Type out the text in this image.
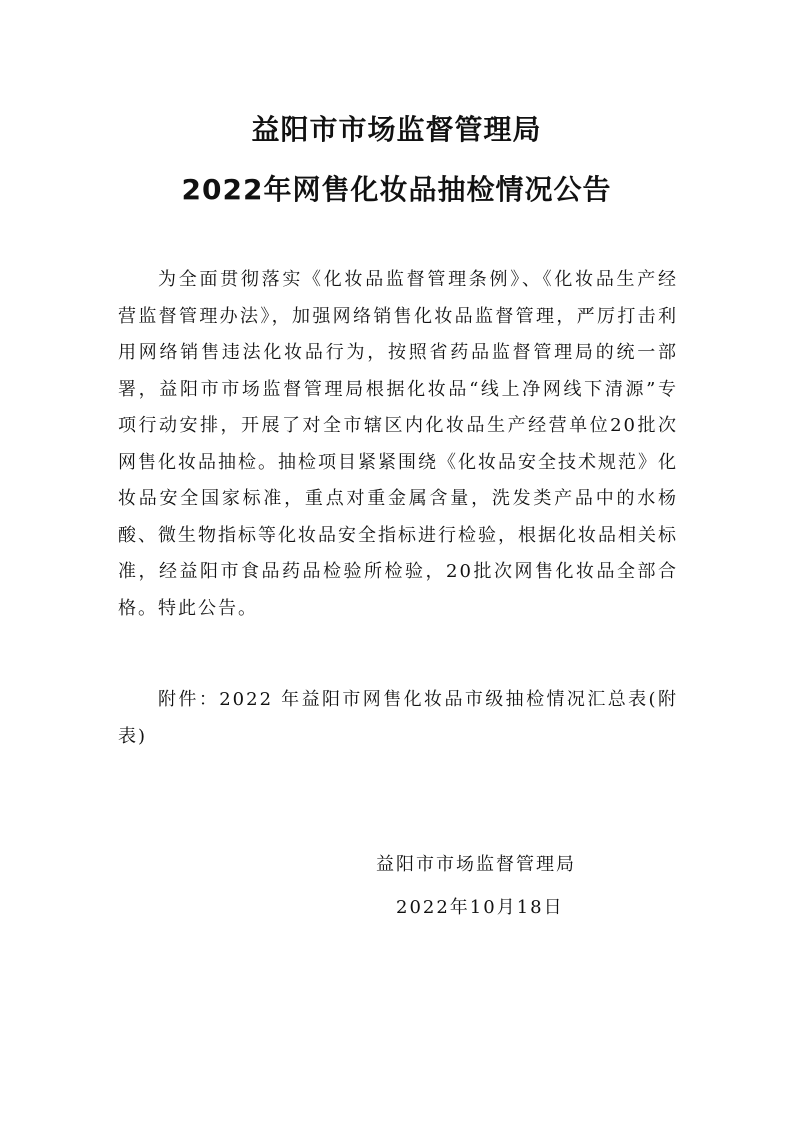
益阳市市场监督管理局
2022年网售化妆品抽检情况公告

为全面贯彻落实《化妆品监督管理条例》、《化妆品生产经营监督管理办法》，加强网络销售化妆品监督管理，严厉打击利用网络销售违法化妆品行为，按照省药品监督管理局的统一部署，益阳市市场监督管理局根据化妆品“线上净网线下清源”专项行动安排，开展了对全市辖区内化妆品生产经营单位20批次网售化妆品抽检。抽检项目紧紧围绕《化妆品安全技术规范》化妆品安全国家标准，重点对重金属含量，洗发类产品中的水杨酸、微生物指标等化妆品安全指标进行检验，根据化妆品相关标准，经益阳市食品药品检验所检验，20批次网售化妆品全部合格。特此公告。

附件：2022 年益阳市网售化妆品市级抽检情况汇总表(附表)

益阳市市场监督管理局
2022年10月18日
